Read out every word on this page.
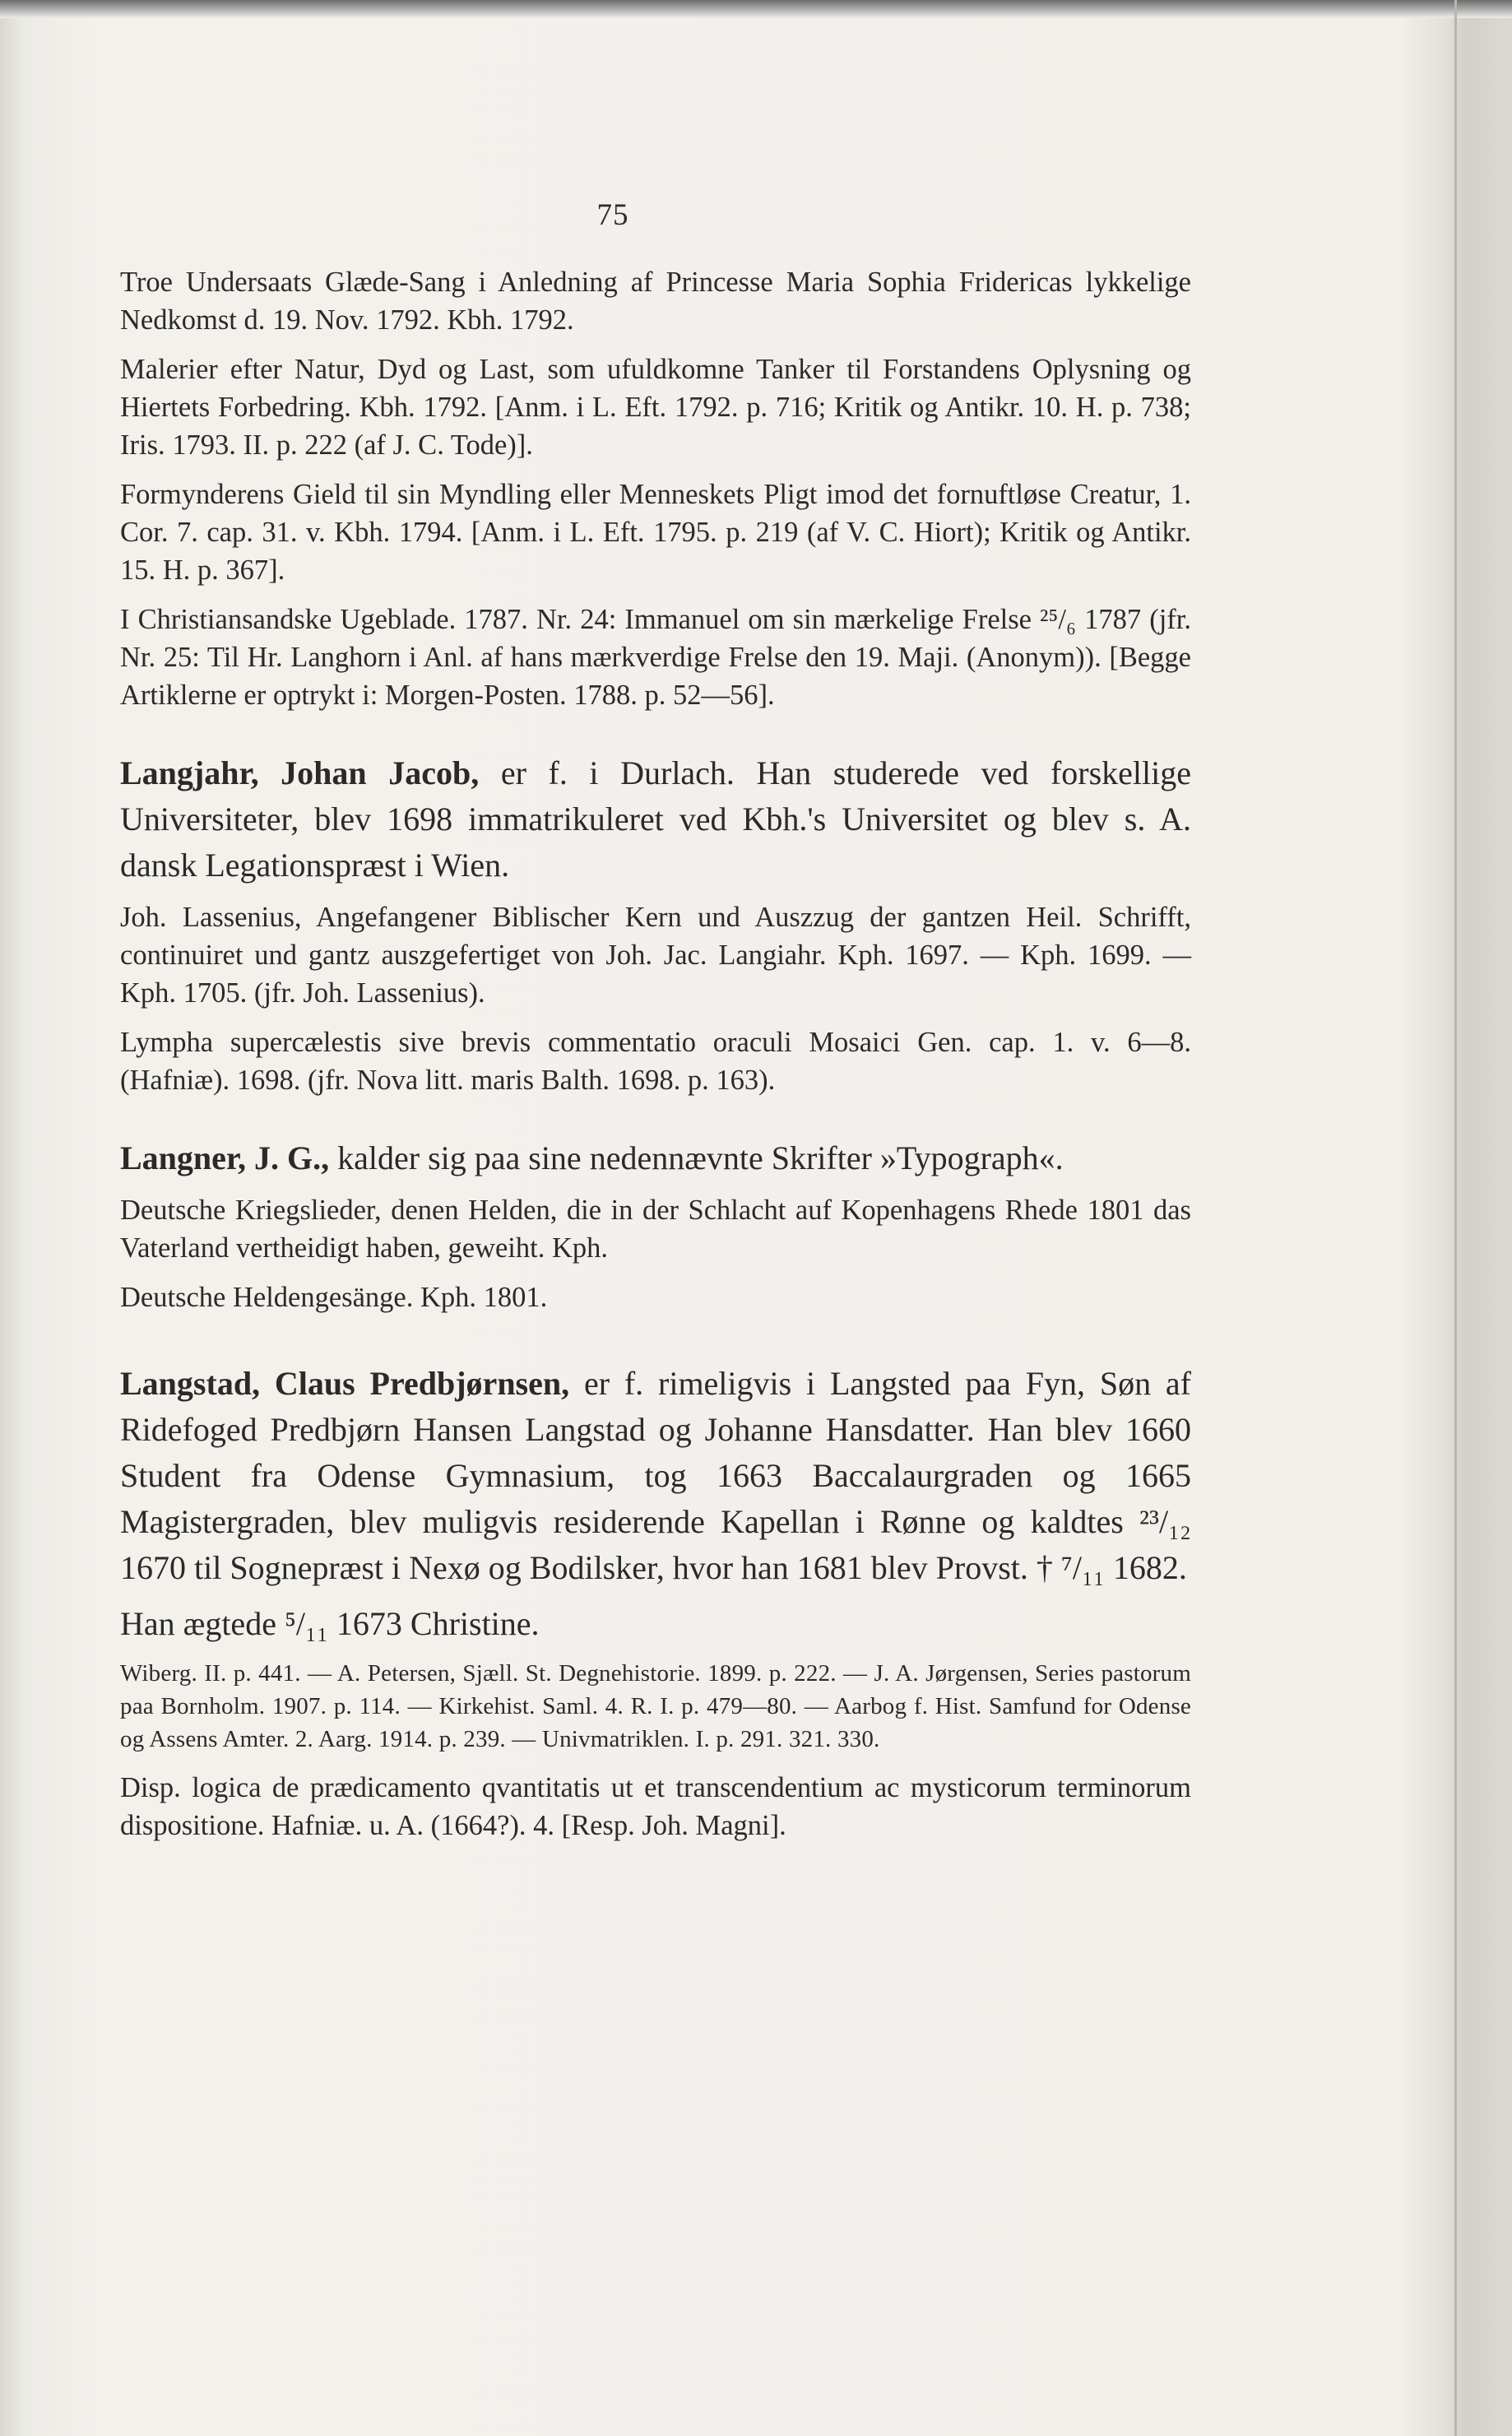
75

Troe Undersaats Glæde-Sang i Anledning af Princesse Maria Sophia Fridericas lykkelige Nedkomst d. 19. Nov. 1792. Kbh. 1792.

Malerier efter Natur, Dyd og Last, som ufuldkomne Tanker til Forstandens Oplysning og Hiertets Forbedring. Kbh. 1792. [Anm. i L. Eft. 1792. p. 716; Kritik og Antikr. 10. H. p. 738; Iris. 1793. II. p. 222 (af J. C. Tode)].

Formynderens Gield til sin Myndling eller Menneskets Pligt imod det fornuftløse Creatur, 1. Cor. 7. cap. 31. v. Kbh. 1794. [Anm. i L. Eft. 1795. p. 219 (af V. C. Hiort); Kritik og Antikr. 15. H. p. 367].

I Christiansandske Ugeblade. 1787. Nr. 24: Immanuel om sin mærkelige Frelse ²⁵/₆ 1787 (jfr. Nr. 25: Til Hr. Langhorn i Anl. af hans mærkverdige Frelse den 19. Maji. (Anonym)). [Begge Artiklerne er optrykt i: Morgen-Posten. 1788. p. 52—56].

Langjahr, Johan Jacob, er f. i Durlach. Han studerede ved forskellige Universiteter, blev 1698 immatrikuleret ved Kbh.'s Universitet og blev s. A. dansk Legationspræst i Wien.

Joh. Lassenius, Angefangener Biblischer Kern und Auszzug der gantzen Heil. Schrifft, continuiret und gantz auszgefertiget von Joh. Jac. Langiahr. Kph. 1697. — Kph. 1699. — Kph. 1705. (jfr. Joh. Lassenius).

Lympha supercælestis sive brevis commentatio oraculi Mosaici Gen. cap. 1. v. 6—8. (Hafniæ). 1698. (jfr. Nova litt. maris Balth. 1698. p. 163).

Langner, J. G., kalder sig paa sine nedennævnte Skrifter »Typograph«.

Deutsche Kriegslieder, denen Helden, die in der Schlacht auf Kopenhagens Rhede 1801 das Vaterland vertheidigt haben, geweiht. Kph.

Deutsche Heldengesänge. Kph. 1801.

Langstad, Claus Predbjørnsen, er f. rimeligvis i Langsted paa Fyn, Søn af Ridefoged Predbjørn Hansen Langstad og Johanne Hansdatter. Han blev 1660 Student fra Odense Gymnasium, tog 1663 Baccalaurgraden og 1665 Magistergraden, blev muligvis residerende Kapellan i Rønne og kaldtes ²³/₁₂ 1670 til Sognepræst i Nexø og Bodilsker, hvor han 1681 blev Provst. † ⁷/₁₁ 1682.

Han ægtede ⁵/₁₁ 1673 Christine.

Wiberg. II. p. 441. — A. Petersen, Sjæll. St. Degnehistorie. 1899. p. 222. — J. A. Jørgensen, Series pastorum paa Bornholm. 1907. p. 114. — Kirkehist. Saml. 4. R. I. p. 479—80. — Aarbog f. Hist. Samfund for Odense og Assens Amter. 2. Aarg. 1914. p. 239. — Univmatriklen. I. p. 291. 321. 330.

Disp. logica de prædicamento qvantitatis ut et transcendentium ac mysticorum terminorum dispositione. Hafniæ. u. A. (1664?). 4. [Resp. Joh. Magni].
